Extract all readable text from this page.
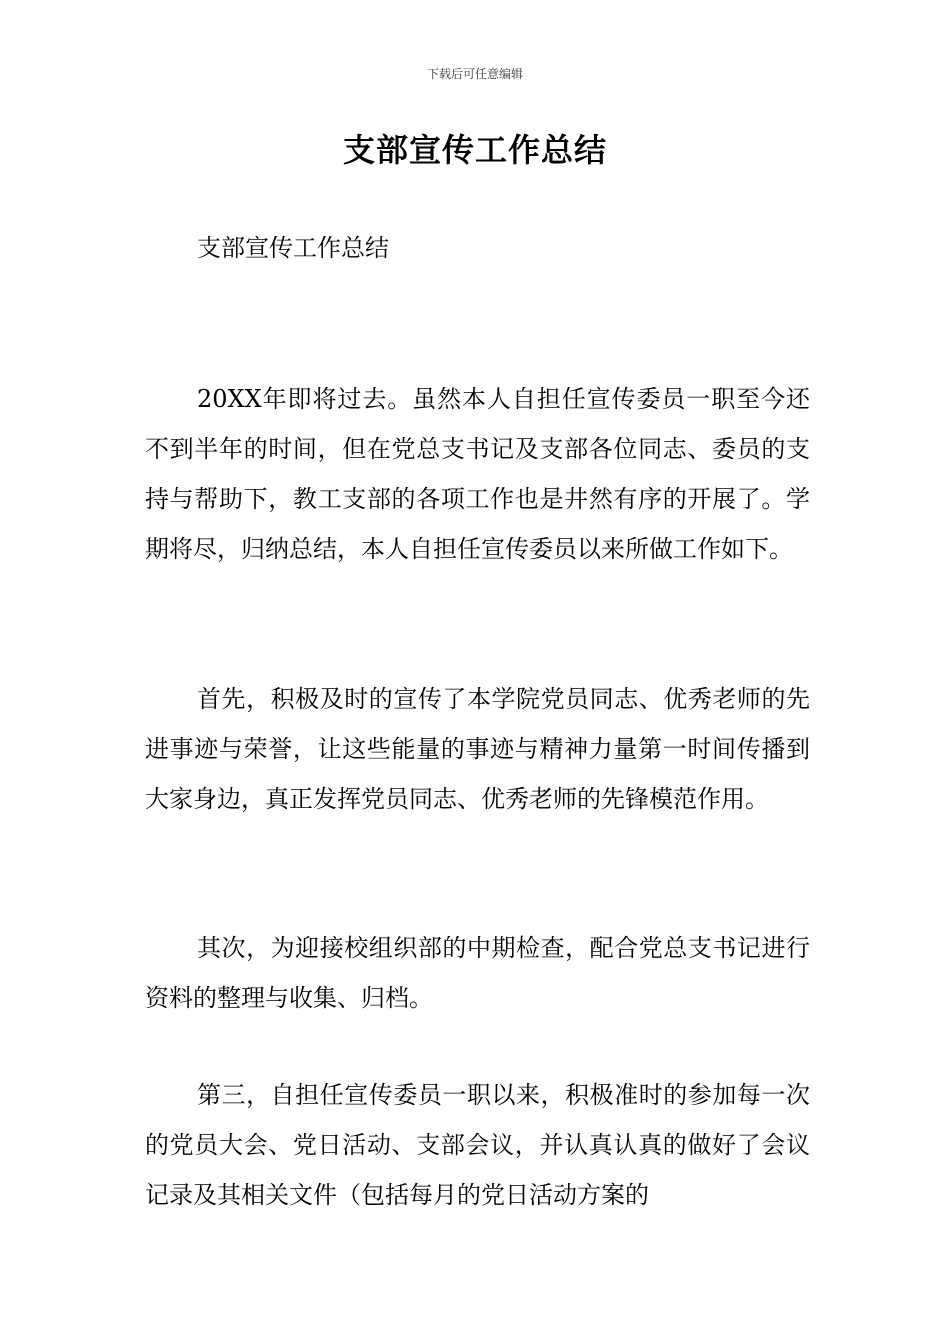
下载后可任意编辑
支部宣传工作总结
支部宣传工作总结

20XX年即将过去。虽然本人自担任宣传委员一职至今还不到半年的时间，但在党总支书记及支部各位同志、委员的支持与帮助下，教工支部的各项工作也是井然有序的开展了。学期将尽，归纳总结，本人自担任宣传委员以来所做工作如下。

首先，积极及时的宣传了本学院党员同志、优秀老师的先进事迹与荣誉，让这些能量的事迹与精神力量第一时间传播到大家身边，真正发挥党员同志、优秀老师的先锋模范作用。

其次，为迎接校组织部的中期检查，配合党总支书记进行资料的整理与收集、归档。

第三，自担任宣传委员一职以来，积极准时的参加每一次的党员大会、党日活动、支部会议，并认真认真的做好了会议记录及其相关文件（包括每月的党日活动方案的
